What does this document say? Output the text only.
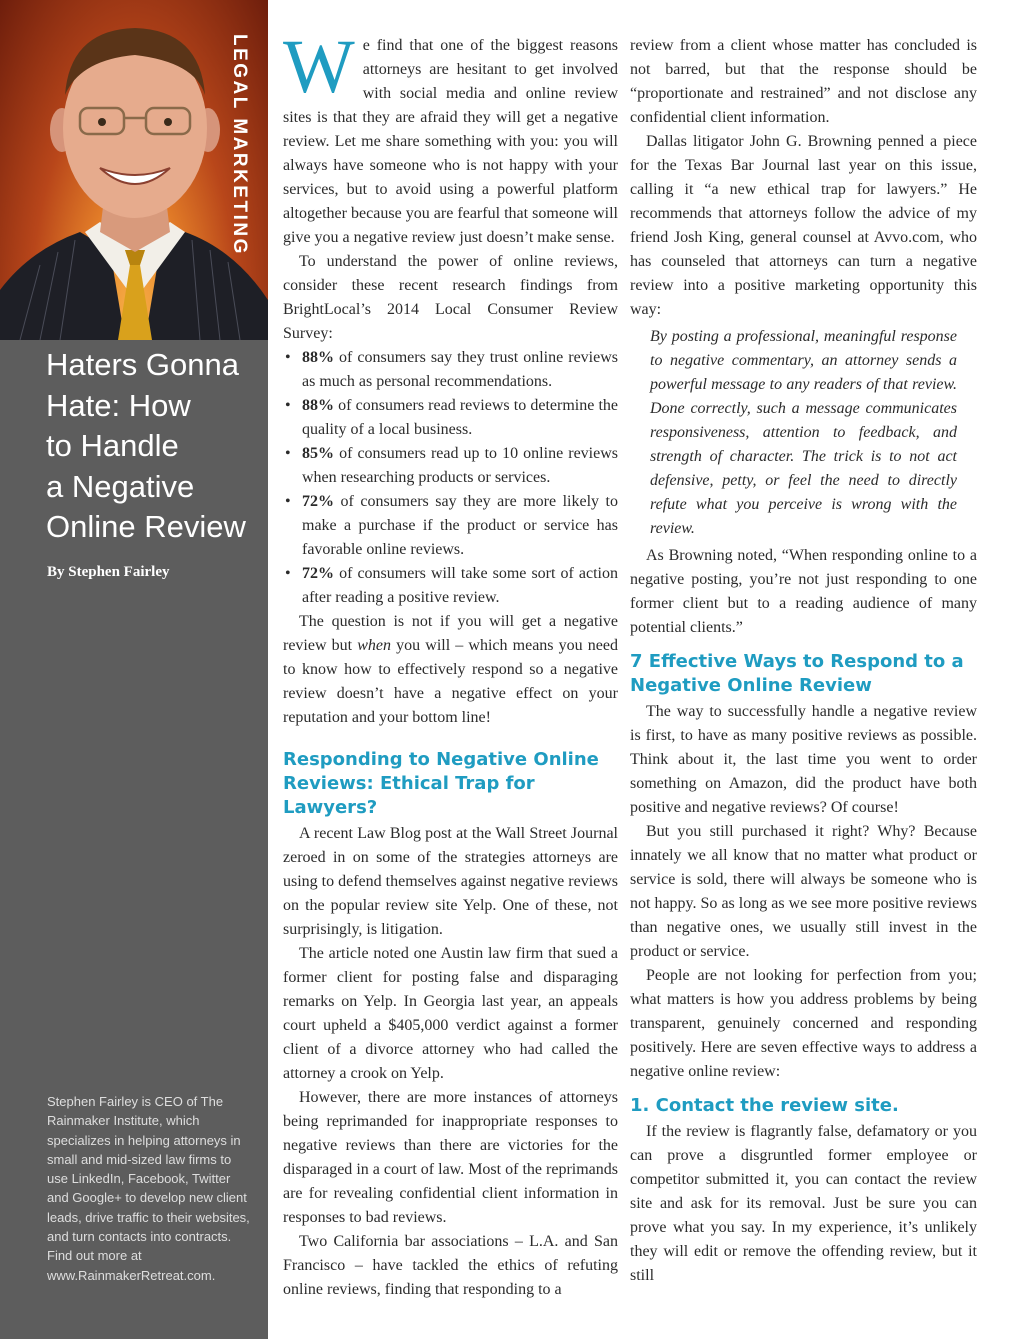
LEGAL MARKETING
Haters Gonna
Hate: How
to Handle
a Negative
Online Review
By Stephen Fairley
Stephen Fairley is CEO of The Rainmaker Institute, which specializes in helping attorneys in small and mid-sized law firms to use LinkedIn, Facebook, Twitter and Google+ to develop new client leads, drive traffic to their websites, and turn contacts into contracts. Find out more at www.RainmakerRetreat.com.

We find that one of the biggest reasons attorneys are hesitant to get involved with social media and online review sites is that they are afraid they will get a negative review. Let me share something with you: you will always have someone who is not happy with your services, but to avoid using a powerful platform altogether because you are fearful that someone will give you a negative review just doesn’t make sense.

To understand the power of online reviews, consider these recent research findings from BrightLocal’s 2014 Local Consumer Review Survey:

• 88% of consumers say they trust online reviews as much as personal recommendations.
• 88% of consumers read reviews to determine the quality of a local business.
• 85% of consumers read up to 10 online reviews when researching products or services.
• 72% of consumers say they are more likely to make a purchase if the product or service has favorable online reviews.
• 72% of consumers will take some sort of action after reading a positive review.

The question is not if you will get a negative review but when you will – which means you need to know how to effectively respond so a negative review doesn’t have a negative effect on your reputation and your bottom line!

Responding to Negative Online Reviews: Ethical Trap for Lawyers?

A recent Law Blog post at the Wall Street Journal zeroed in on some of the strategies attorneys are using to defend themselves against negative reviews on the popular review site Yelp. One of these, not surprisingly, is litigation.

The article noted one Austin law firm that sued a former client for posting false and disparaging remarks on Yelp. In Georgia last year, an appeals court upheld a $405,000 verdict against a former client of a divorce attorney who had called the attorney a crook on Yelp.

However, there are more instances of attorneys being reprimanded for inappropriate responses to negative reviews than there are victories for the disparaged in a court of law. Most of the reprimands are for revealing confidential client information in responses to bad reviews.

Two California bar associations – L.A. and San Francisco – have tackled the ethics of refuting online reviews, finding that responding to a

review from a client whose matter has concluded is not barred, but that the response should be “proportionate and restrained” and not disclose any confidential client information.

Dallas litigator John G. Browning penned a piece for the Texas Bar Journal last year on this issue, calling it “a new ethical trap for lawyers.” He recommends that attorneys follow the advice of my friend Josh King, general counsel at Avvo.com, who has counseled that attorneys can turn a negative review into a positive marketing opportunity this way:

By posting a professional, meaningful response to negative commentary, an attorney sends a powerful message to any readers of that review. Done correctly, such a message communicates responsiveness, attention to feedback, and strength of character. The trick is to not act defensive, petty, or feel the need to directly refute what you perceive is wrong with the review.

As Browning noted, “When responding online to a negative posting, you’re not just responding to one former client but to a reading audience of many potential clients.”

7 Effective Ways to Respond to a Negative Online Review

The way to successfully handle a negative review is first, to have as many positive reviews as possible. Think about it, the last time you went to order something on Amazon, did the product have both positive and negative reviews? Of course!

But you still purchased it right? Why? Because innately we all know that no matter what product or service is sold, there will always be someone who is not happy. So as long as we see more positive reviews than negative ones, we usually still invest in the product or service.

People are not looking for perfection from you; what matters is how you address problems by being transparent, genuinely concerned and responding positively. Here are seven effective ways to address a negative online review:

1. Contact the review site.

If the review is flagrantly false, defamatory or you can prove a disgruntled former employee or competitor submitted it, you can contact the review site and ask for its removal. Just be sure you can prove what you say. In my experience, it’s unlikely they will edit or remove the offending review, but it still
